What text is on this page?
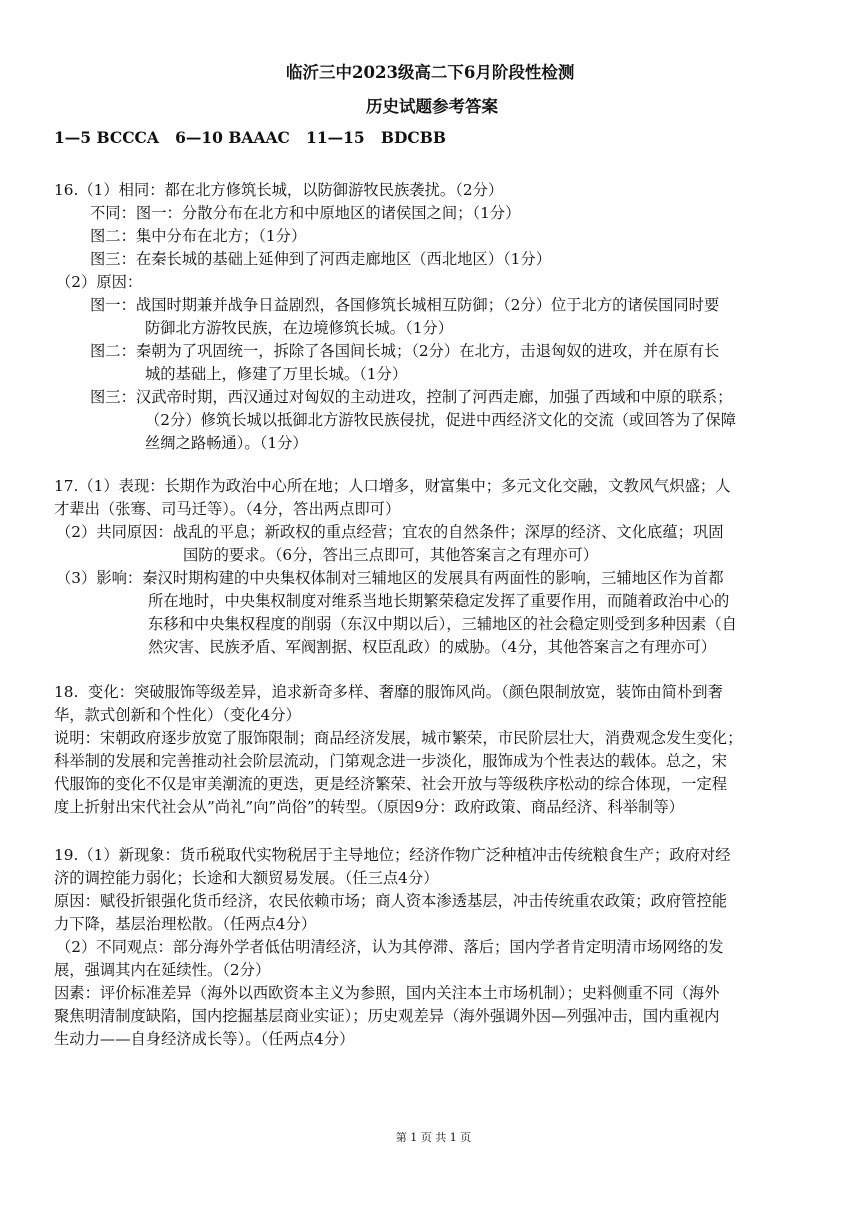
临沂三中2023级高二下6月阶段性检测
历史试题参考答案
1—5 BCCCA   6—10 BAAAC   11—15   BDCBB
16.（1）相同：都在北方修筑长城，以防御游牧民族袭扰。（2分）
不同：图一：分散分布在北方和中原地区的诸侯国之间；（1分）
图二：集中分布在北方；（1分）
图三：在秦长城的基础上延伸到了河西走廊地区（西北地区）（1分）
（2）原因：
图一：战国时期兼并战争日益剧烈，各国修筑长城相互防御；（2分）位于北方的诸侯国同时要
防御北方游牧民族，在边境修筑长城。（1分）
图二：秦朝为了巩固统一，拆除了各国间长城；（2分）在北方，击退匈奴的进攻，并在原有长
城的基础上，修建了万里长城。（1分）
图三：汉武帝时期，西汉通过对匈奴的主动进攻，控制了河西走廊，加强了西域和中原的联系；
（2分）修筑长城以抵御北方游牧民族侵扰，促进中西经济文化的交流（或回答为了保障
丝绸之路畅通）。（1分）
17.（1）表现：长期作为政治中心所在地；人口增多，财富集中；多元文化交融，文教风气炽盛；人
才辈出（张骞、司马迁等）。（4分，答出两点即可）
（2）共同原因：战乱的平息；新政权的重点经营；宜农的自然条件；深厚的经济、文化底蕴；巩固
国防的要求。（6分，答出三点即可，其他答案言之有理亦可）
（3）影响：秦汉时期构建的中央集权体制对三辅地区的发展具有两面性的影响，三辅地区作为首都
所在地时，中央集权制度对维系当地长期繁荣稳定发挥了重要作用，而随着政治中心的
东移和中央集权程度的削弱（东汉中期以后），三辅地区的社会稳定则受到多种因素（自
然灾害、民族矛盾、军阀割据、权臣乱政）的威胁。（4分，其他答案言之有理亦可）
18.  变化：突破服饰等级差异，追求新奇多样、奢靡的服饰风尚。（颜色限制放宽，装饰由简朴到奢
华，款式创新和个性化）（变化4分）
说明：宋朝政府逐步放宽了服饰限制；商品经济发展，城市繁荣，市民阶层壮大，消费观念发生变化；
科举制的发展和完善推动社会阶层流动，门第观念进一步淡化，服饰成为个性表达的载体。总之，宋
代服饰的变化不仅是审美潮流的更迭，更是经济繁荣、社会开放与等级秩序松动的综合体现，一定程
度上折射出宋代社会从”尚礼”向”尚俗”的转型。（原因9分：政府政策、商品经济、科举制等）
19.（1）新现象：货币税取代实物税居于主导地位；经济作物广泛种植冲击传统粮食生产；政府对经
济的调控能力弱化；长途和大额贸易发展。（任三点4分）
原因：赋役折银强化货币经济，农民依赖市场；商人资本渗透基层，冲击传统重农政策；政府管控能
力下降，基层治理松散。（任两点4分）
（2）不同观点：部分海外学者低估明清经济，认为其停滞、落后；国内学者肯定明清市场网络的发
展，强调其内在延续性。（2分）
因素：评价标准差异（海外以西欧资本主义为参照，国内关注本土市场机制）；史料侧重不同（海外
聚焦明清制度缺陷，国内挖掘基层商业实证）；历史观差异（海外强调外因—列强冲击，国内重视内
生动力——自身经济成长等）。（任两点4分）
第 1 页 共 1 页
